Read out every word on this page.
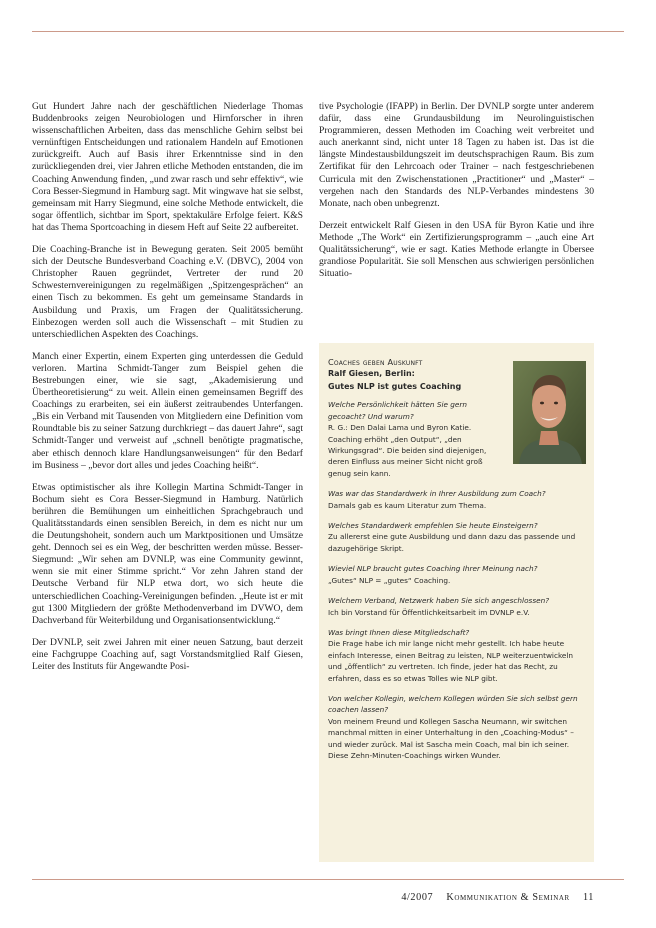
Gut Hundert Jahre nach der geschäftlichen Niederlage Thomas Buddenbrooks zeigen Neurobiologen und Hirnforscher in ihren wissenschaftlichen Arbeiten, dass das menschliche Gehirn selbst bei vernünftigen Entscheidungen und rationalem Handeln auf Emotionen zurückgreift. Auch auf Basis ihrer Erkenntnisse sind in den zurückliegenden drei, vier Jahren etliche Methoden entstanden, die im Coaching Anwendung finden, „und zwar rasch und sehr effektiv“, wie Cora Besser-Siegmund in Hamburg sagt. Mit wingwave hat sie selbst, gemeinsam mit Harry Siegmund, eine solche Methode entwickelt, die sogar öffentlich, sichtbar im Sport, spektakuläre Erfolge feiert. K&S hat das Thema Sportcoaching in diesem Heft auf Seite 22 aufbereitet.

Die Coaching-Branche ist in Bewegung geraten. Seit 2005 bemüht sich der Deutsche Bundesverband Coaching e.V. (DBVC), 2004 von Christopher Rauen gegründet, Vertreter der rund 20 Schwesternvereinigungen zu regelmäßigen „Spitzengesprächen“ an einen Tisch zu bekommen. Es geht um gemeinsame Standards in Ausbildung und Praxis, um Fragen der Qualitätssicherung. Einbezogen werden soll auch die Wissenschaft – mit Studien zu unterschiedlichen Aspekten des Coachings.

Manch einer Expertin, einem Experten ging unterdessen die Geduld verloren. Martina Schmidt-Tanger zum Beispiel gehen die Bestrebungen einer, wie sie sagt, „Akademisierung und Übertheoretisierung“ zu weit. Allein einen gemeinsamen Begriff des Coachings zu erarbeiten, sei ein äußerst zeitraubendes Unterfangen. „Bis ein Verband mit Tausenden von Mitgliedern eine Definition vom Roundtable bis zu seiner Satzung durchkriegt – das dauert Jahre“, sagt Schmidt-Tanger und verweist auf „schnell benötigte pragmatische, aber ethisch dennoch klare Handlungsanweisungen“ für den Bedarf im Business – „bevor dort alles und jedes Coaching heißt“.

Etwas optimistischer als ihre Kollegin Martina Schmidt-Tanger in Bochum sieht es Cora Besser-Siegmund in Hamburg. Natürlich berühren die Bemühungen um einheitlichen Sprachgebrauch und Qualitätsstandards einen sensiblen Bereich, in dem es nicht nur um die Deutungshoheit, sondern auch um Marktpositionen und Umsätze geht. Dennoch sei es ein Weg, der beschritten werden müsse. Besser-Siegmund: „Wir sehen am DVNLP, was eine Community gewinnt, wenn sie mit einer Stimme spricht.“ Vor zehn Jahren stand der Deutsche Verband für NLP etwa dort, wo sich heute die unterschiedlichen Coaching-Vereinigungen befinden. „Heute ist er mit gut 1300 Mitgliedern der größte Methodenverband im DVWO, dem Dachverband für Weiterbildung und Organisationsentwicklung.“

Der DVNLP, seit zwei Jahren mit einer neuen Satzung, baut derzeit eine Fachgruppe Coaching auf, sagt Vorstandsmitglied Ralf Giesen, Leiter des Instituts für Angewandte Posi-

tive Psychologie (IFAPP) in Berlin. Der DVNLP sorgte unter anderem dafür, dass eine Grundausbildung im Neurolinguistischen Programmieren, dessen Methoden im Coaching weit verbreitet und auch anerkannt sind, nicht unter 18 Tagen zu haben ist. Das ist die längste Mindestausbildungszeit im deutschsprachigen Raum. Bis zum Zertifikat für den Lehrcoach oder Trainer – nach festgeschriebenen Curricula mit den Zwischenstationen „Practitioner“ und „Master“ – vergehen nach den Standards des NLP-Verbandes mindestens 30 Monate, nach oben unbegrenzt.

Derzeit entwickelt Ralf Giesen in den USA für Byron Katie und ihre Methode „The Work“ ein Zertifizierungsprogramm – „auch eine Art Qualitätssicherung“, wie er sagt. Katies Methode erlangte in Übersee grandiose Popularität. Sie soll Menschen aus schwierigen persönlichen Situatio-

Coaches geben Auskunft
Ralf Giesen, Berlin:
Gutes NLP ist gutes Coaching
Welche Persönlichkeit hätten Sie gern gecoacht? Und warum?
R. G.: Den Dalai Lama und Byron Katie. Coaching erhöht „den Output“, „den Wirkungsgrad“. Die beiden sind diejenigen, deren Einfluss aus meiner Sicht nicht groß genug sein kann.
Was war das Standardwerk in Ihrer Ausbildung zum Coach?
Damals gab es kaum Literatur zum Thema.
Welches Standardwerk empfehlen Sie heute Einsteigern?
Zu allererst eine gute Ausbildung und dann dazu das passende und dazugehörige Skript.
Wieviel NLP braucht gutes Coaching Ihrer Meinung nach?
„Gutes“ NLP = „gutes“ Coaching.
Welchem Verband, Netzwerk haben Sie sich angeschlossen?
Ich bin Vorstand für Öffentlichkeitsarbeit im DVNLP e.V.
Was bringt Ihnen diese Mitgliedschaft?
Die Frage habe ich mir lange nicht mehr gestellt. Ich habe heute einfach Interesse, einen Beitrag zu leisten, NLP weiterzuentwickeln und „öffentlich“ zu vertreten. Ich finde, jeder hat das Recht, zu erfahren, dass es so etwas Tolles wie NLP gibt.
Von welcher Kollegin, welchem Kollegen würden Sie sich selbst gern coachen lassen?
Von meinem Freund und Kollegen Sascha Neumann, wir switchen manchmal mitten in einer Unterhaltung in den „Coaching-Modus“ – und wieder zurück. Mal ist Sascha mein Coach, mal bin ich seiner. Diese Zehn-Minuten-Coachings wirken Wunder.
4/2007 Kommunikation & Seminar 11
